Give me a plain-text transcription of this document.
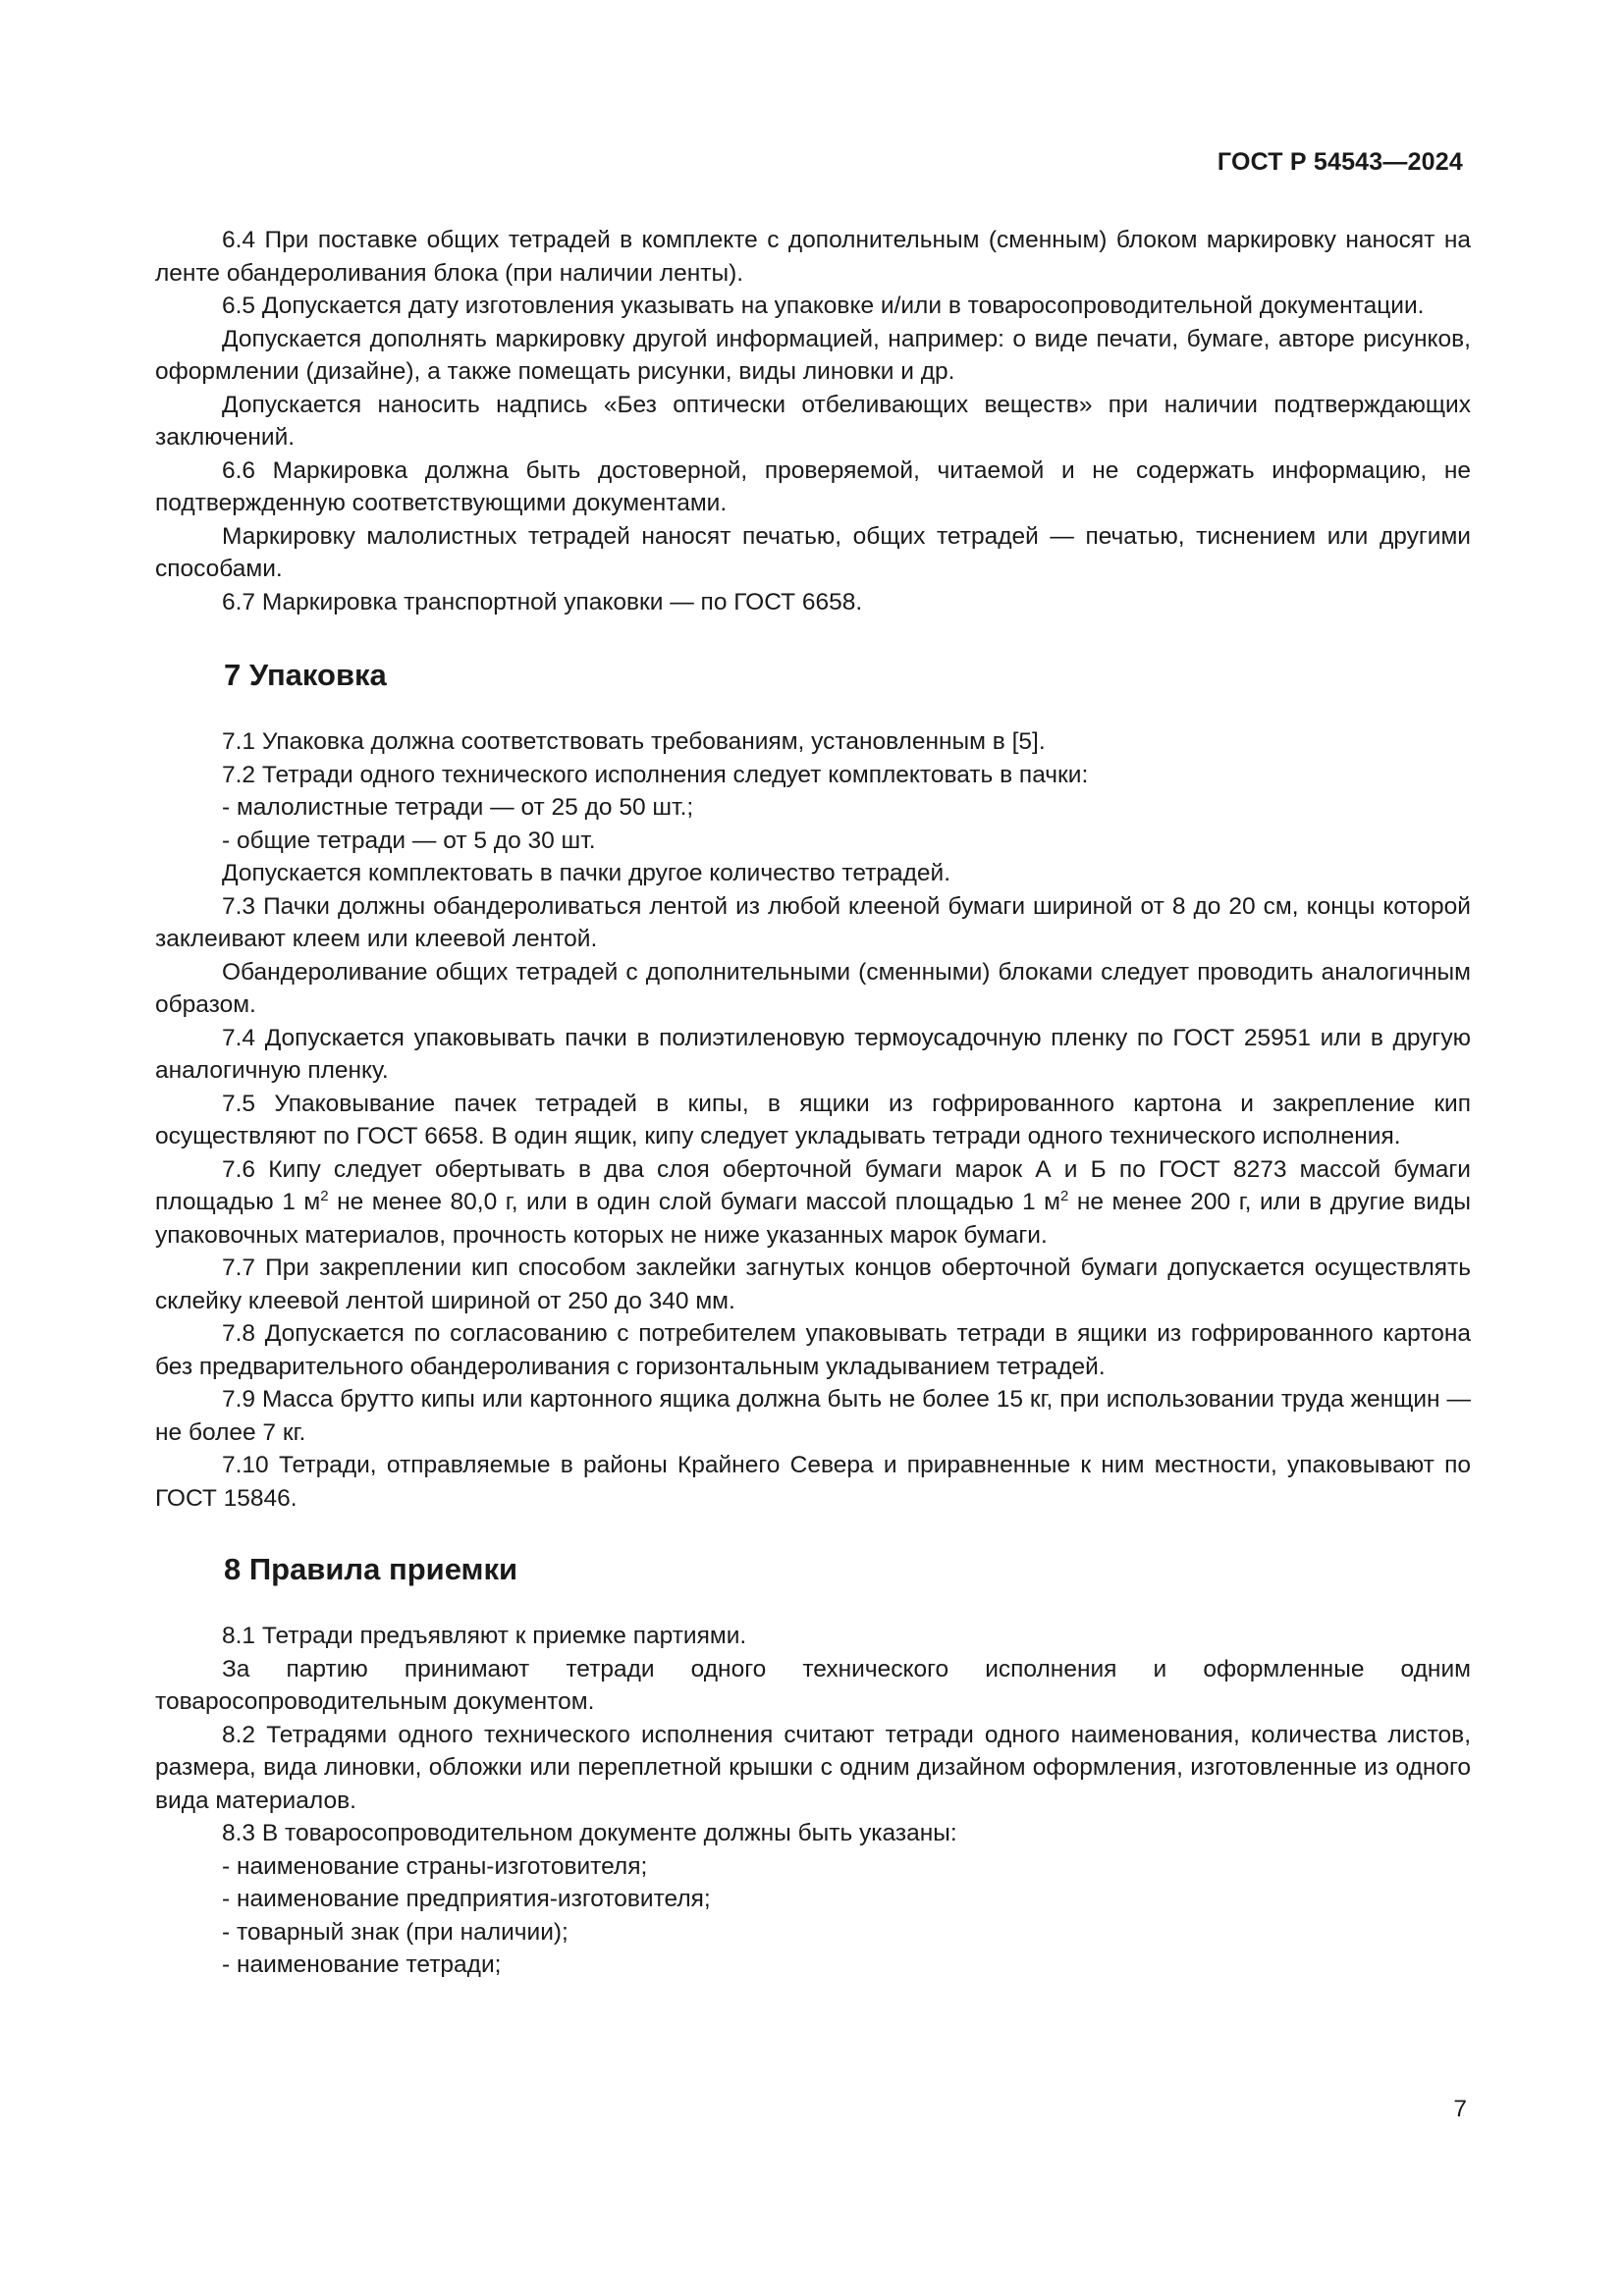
ГОСТ Р 54543—2024

6.4 При поставке общих тетрадей в комплекте с дополнительным (сменным) блоком маркировку наносят на ленте обандероливания блока (при наличии ленты).

6.5 Допускается дату изготовления указывать на упаковке и/или в товаросопроводительной документации.

Допускается дополнять маркировку другой информацией, например: о виде печати, бумаге, авторе рисунков, оформлении (дизайне), а также помещать рисунки, виды линовки и др.

Допускается наносить надпись «Без оптически отбеливающих веществ» при наличии подтверждающих заключений.

6.6 Маркировка должна быть достоверной, проверяемой, читаемой и не содержать информацию, не подтвержденную соответствующими документами.

Маркировку малолистных тетрадей наносят печатью, общих тетрадей — печатью, тиснением или другими способами.

6.7 Маркировка транспортной упаковки — по ГОСТ 6658.

7 Упаковка

7.1 Упаковка должна соответствовать требованиям, установленным в [5].

7.2 Тетради одного технического исполнения следует комплектовать в пачки:

- малолистные тетради — от 25 до 50 шт.;

- общие тетради — от 5 до 30 шт.

Допускается комплектовать в пачки другое количество тетрадей.

7.3 Пачки должны обандероливаться лентой из любой клееной бумаги шириной от 8 до 20 см, концы которой заклеивают клеем или клеевой лентой.

Обандероливание общих тетрадей с дополнительными (сменными) блоками следует проводить аналогичным образом.

7.4 Допускается упаковывать пачки в полиэтиленовую термоусадочную пленку по ГОСТ 25951 или в другую аналогичную пленку.

7.5 Упаковывание пачек тетрадей в кипы, в ящики из гофрированного картона и закрепление кип осуществляют по ГОСТ 6658. В один ящик, кипу следует укладывать тетради одного технического исполнения.

7.6 Кипу следует обертывать в два слоя оберточной бумаги марок А и Б по ГОСТ 8273 массой бумаги площадью 1 $м^2$ не менее 80,0 г, или в один слой бумаги массой площадью 1 $м^2$ не менее 200 г, или в другие виды упаковочных материалов, прочность которых не ниже указанных марок бумаги.

7.7 При закреплении кип способом заклейки загнутых концов оберточной бумаги допускается осуществлять склейку клеевой лентой шириной от 250 до 340 мм.

7.8 Допускается по согласованию с потребителем упаковывать тетради в ящики из гофрированного картона без предварительного обандероливания с горизонтальным укладыванием тетрадей.

7.9 Масса брутто кипы или картонного ящика должна быть не более 15 кг, при использовании труда женщин — не более 7 кг.

7.10 Тетради, отправляемые в районы Крайнего Севера и приравненные к ним местности, упаковывают по ГОСТ 15846.

8 Правила приемки

8.1 Тетради предъявляют к приемке партиями.

За партию принимают тетради одного технического исполнения и оформленные одним товаросопроводительным документом.

8.2 Тетрадями одного технического исполнения считают тетради одного наименования, количества листов, размера, вида линовки, обложки или переплетной крышки с одним дизайном оформления, изготовленные из одного вида материалов.

8.3 В товаросопроводительном документе должны быть указаны:

- наименование страны-изготовителя;

- наименование предприятия-изготовителя;

- товарный знак (при наличии);

- наименование тетради;

7
